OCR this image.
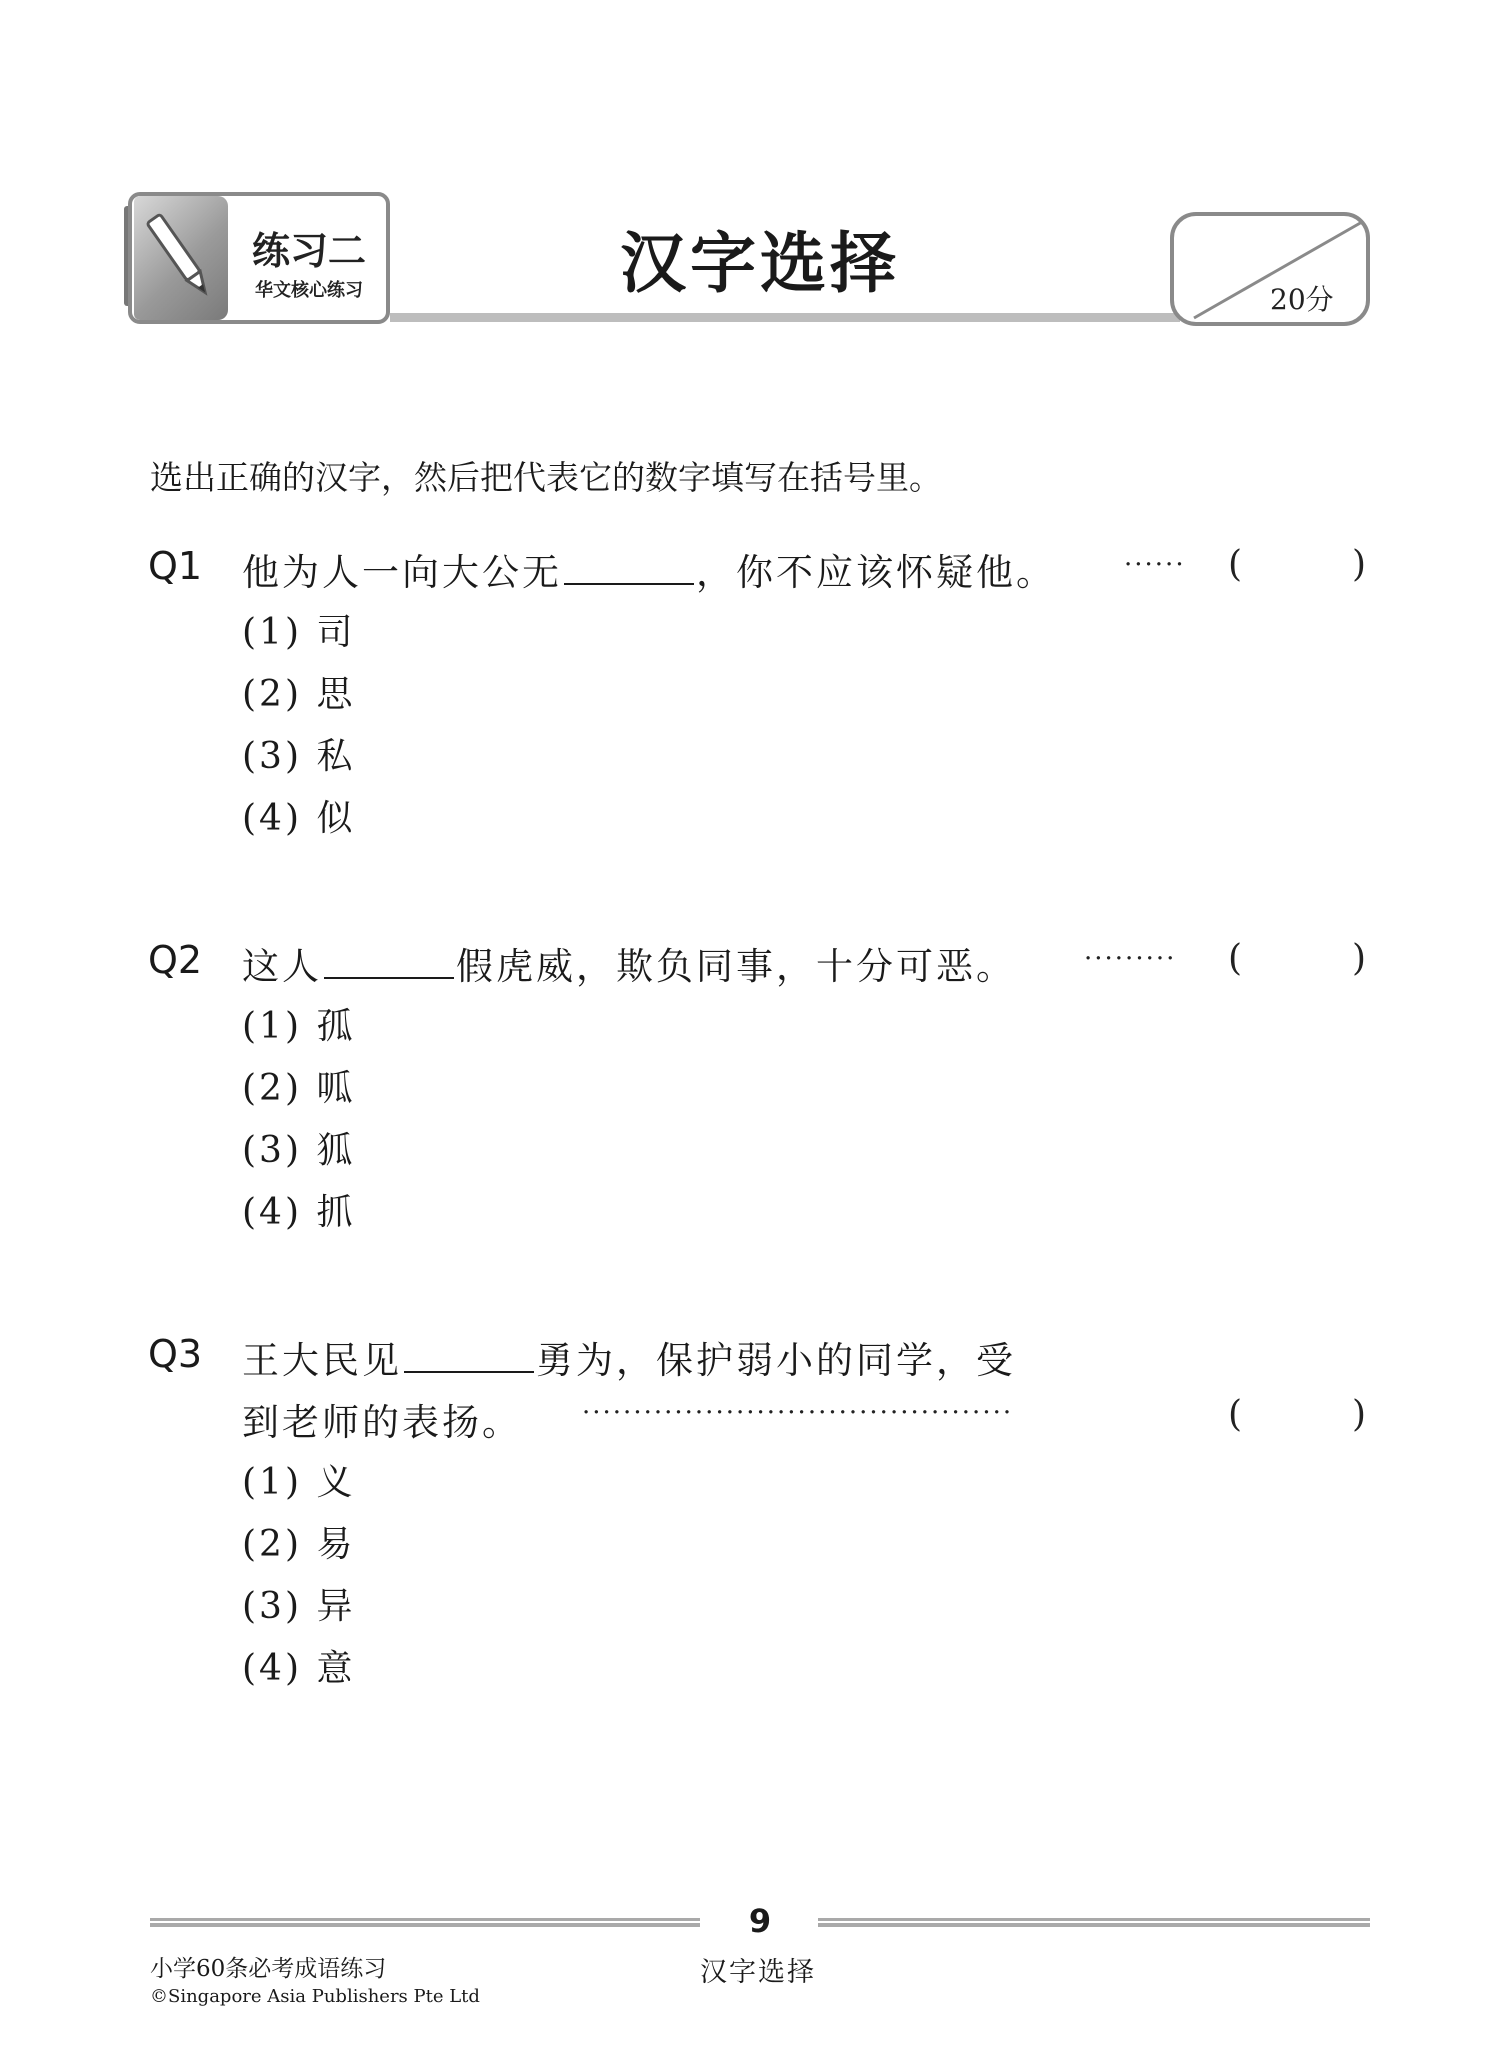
练习二
华文核心练习	汉字选择	20分
选出正确的汉字，然后把代表它的数字填写在括号里。
Q1 他为人一向大公无	，你不应该怀疑他。	······ (	)
(1) 司
(2) 思
(3) 私
(4) 似
Q2 这人	假虎威，欺负同事，十分可恶。	········· (	)
(1) 孤
(2) 呱
(3) 狐
(4) 抓
Q3 王大民见	勇为，保护弱小的同学，受
到老师的表扬。 ··········································	(	)
(1) 义
(2) 易
(3) 异
(4) 意
9
小学60条必考成语练习
©Singapore Asia Publishers Pte Ltd
汉字选择
